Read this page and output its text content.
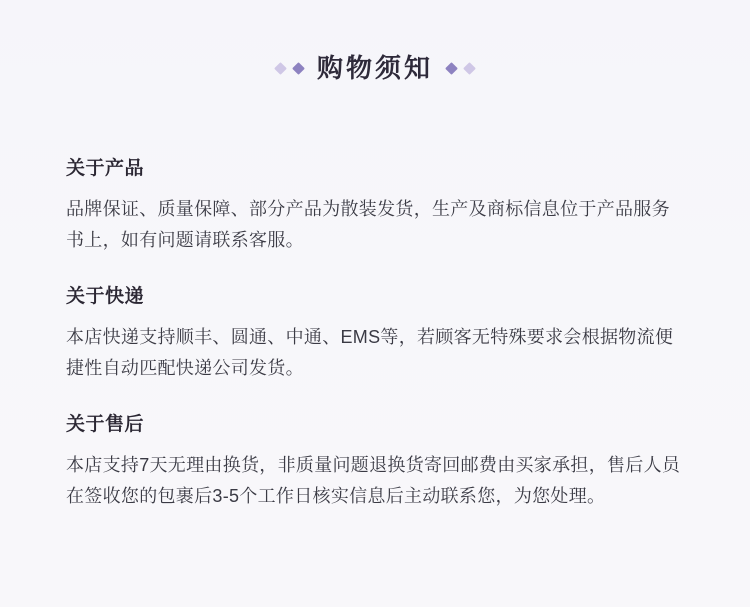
购物须知
关于产品
品牌保证、质量保障、部分产品为散装发货，生产及商标信息位于产品服务书上，如有问题请联系客服。
关于快递
本店快递支持顺丰、圆通、中通、EMS等，若顾客无特殊要求会根据物流便捷性自动匹配快递公司发货。
关于售后
本店支持7天无理由换货，非质量问题退换货寄回邮费由买家承担，售后人员在签收您的包裹后3-5个工作日核实信息后主动联系您，为您处理。
